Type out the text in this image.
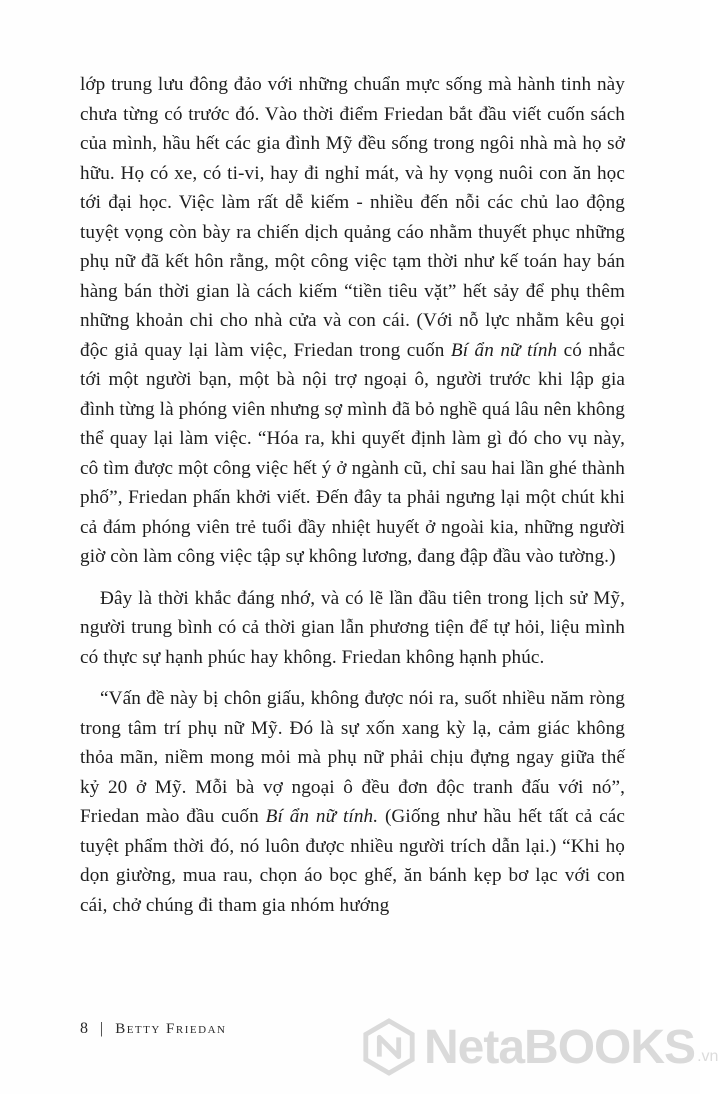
lớp trung lưu đông đảo với những chuẩn mực sống mà hành tinh này chưa từng có trước đó. Vào thời điểm Friedan bắt đầu viết cuốn sách của mình, hầu hết các gia đình Mỹ đều sống trong ngôi nhà mà họ sở hữu. Họ có xe, có ti-vi, hay đi nghỉ mát, và hy vọng nuôi con ăn học tới đại học. Việc làm rất dễ kiếm - nhiều đến nỗi các chủ lao động tuyệt vọng còn bày ra chiến dịch quảng cáo nhằm thuyết phục những phụ nữ đã kết hôn rằng, một công việc tạm thời như kế toán hay bán hàng bán thời gian là cách kiếm “tiền tiêu vặt” hết sảy để phụ thêm những khoản chi cho nhà cửa và con cái. (Với nỗ lực nhằm kêu gọi độc giả quay lại làm việc, Friedan trong cuốn Bí ẩn nữ tính có nhắc tới một người bạn, một bà nội trợ ngoại ô, người trước khi lập gia đình từng là phóng viên nhưng sợ mình đã bỏ nghề quá lâu nên không thể quay lại làm việc. “Hóa ra, khi quyết định làm gì đó cho vụ này, cô tìm được một công việc hết ý ở ngành cũ, chỉ sau hai lần ghé thành phố”, Friedan phấn khởi viết. Đến đây ta phải ngưng lại một chút khi cả đám phóng viên trẻ tuổi đầy nhiệt huyết ở ngoài kia, những người giờ còn làm công việc tập sự không lương, đang đập đầu vào tường.)

Đây là thời khắc đáng nhớ, và có lẽ lần đầu tiên trong lịch sử Mỹ, người trung bình có cả thời gian lẫn phương tiện để tự hỏi, liệu mình có thực sự hạnh phúc hay không. Friedan không hạnh phúc.

“Vấn đề này bị chôn giấu, không được nói ra, suốt nhiều năm ròng trong tâm trí phụ nữ Mỹ. Đó là sự xốn xang kỳ lạ, cảm giác không thỏa mãn, niềm mong mỏi mà phụ nữ phải chịu đựng ngay giữa thế kỷ 20 ở Mỹ. Mỗi bà vợ ngoại ô đều đơn độc tranh đấu với nó”, Friedan mào đầu cuốn Bí ẩn nữ tính. (Giống như hầu hết tất cả các tuyệt phẩm thời đó, nó luôn được nhiều người trích dẫn lại.) “Khi họ dọn giường, mua rau, chọn áo bọc ghế, ăn bánh kẹp bơ lạc với con cái, chở chúng đi tham gia nhóm hướng

8 | Betty Friedan	NetaBOOKS .vn
